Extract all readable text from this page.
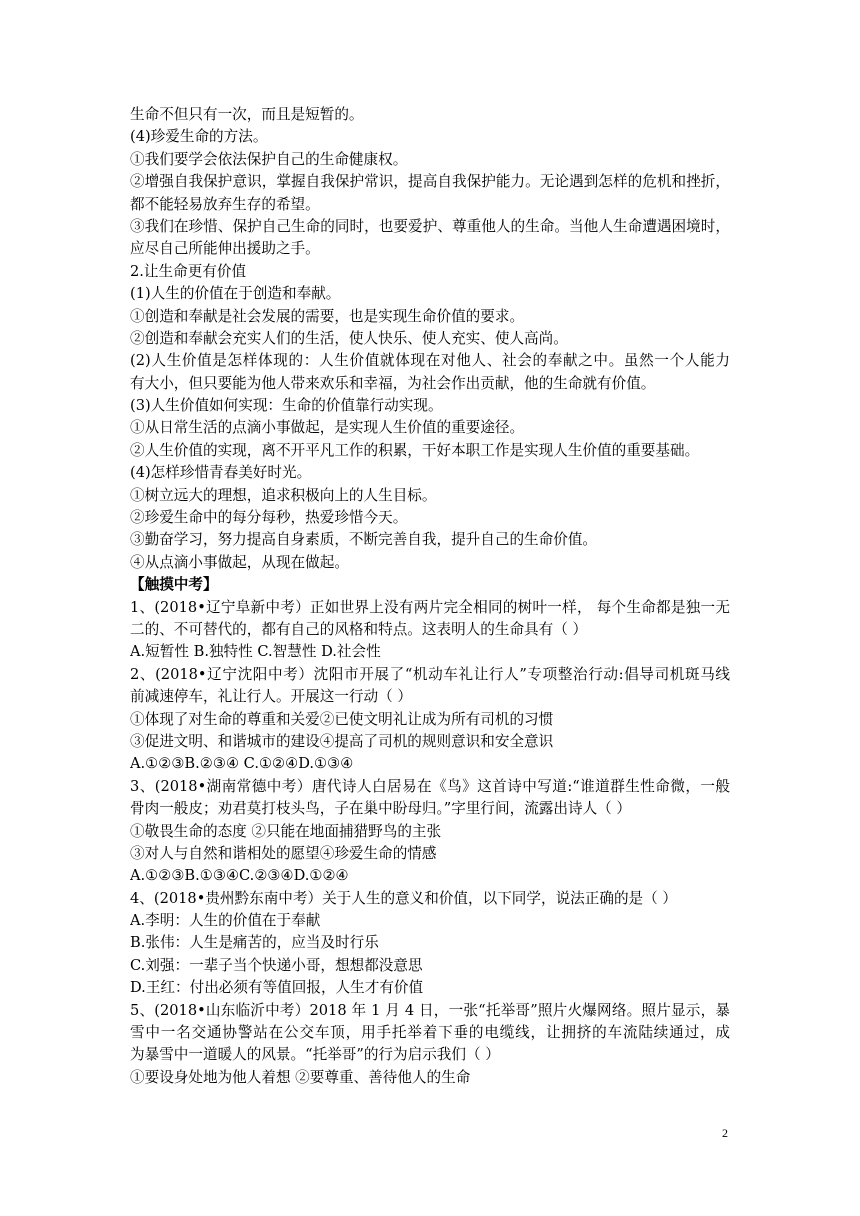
生命不但只有一次，而且是短暂的。
(4)珍爱生命的方法。
①我们要学会依法保护自己的生命健康权。
②增强自我保护意识，掌握自我保护常识，提高自我保护能力。无论遇到怎样的危机和挫折，
都不能轻易放弃生存的希望。
③我们在珍惜、保护自己生命的同时，也要爱护、尊重他人的生命。当他人生命遭遇困境时，
应尽自己所能伸出援助之手。
2.让生命更有价值
(1)人生的价值在于创造和奉献。
①创造和奉献是社会发展的需要，也是实现生命价值的要求。
②创造和奉献会充实人们的生活，使人快乐、使人充实、使人高尚。
(2)人生价值是怎样体现的：人生价值就体现在对他人、社会的奉献之中。虽然一个人能力
有大小，但只要能为他人带来欢乐和幸福，为社会作出贡献，他的生命就有价值。
(3)人生价值如何实现：生命的价值靠行动实现。
①从日常生活的点滴小事做起，是实现人生价值的重要途径。
②人生价值的实现，离不开平凡工作的积累，干好本职工作是实现人生价值的重要基础。
(4)怎样珍惜青春美好时光。
①树立远大的理想，追求积极向上的人生目标。
②珍爱生命中的每分每秒，热爱珍惜今天。
③勤奋学习，努力提高自身素质，不断完善自我，提升自己的生命价值。
④从点滴小事做起，从现在做起。
【触摸中考】
1、(2018•辽宁阜新中考）正如世界上没有两片完全相同的树叶一样， 每个生命都是独一无
二的、不可替代的，都有自己的风格和特点。这表明人的生命具有（ ）
A.短暂性 B.独特性 C.智慧性 D.社会性
2、(2018•辽宁沈阳中考）沈阳市开展了“机动车礼让行人”专项整治行动:倡导司机斑马线
前减速停车，礼让行人。开展这一行动（ ）
①体现了对生命的尊重和关爱②已使文明礼让成为所有司机的习惯
③促进文明、和谐城市的建设④提高了司机的规则意识和安全意识
A.①②③B.②③④ C.①②④D.①③④
3、(2018•湖南常德中考）唐代诗人白居易在《鸟》这首诗中写道:“谁道群生性命微，一般
骨肉一般皮；劝君莫打枝头鸟，子在巢中盼母归。”字里行间，流露出诗人（ ）
①敬畏生命的态度 ②只能在地面捕猎野鸟的主张
③对人与自然和谐相处的愿望④珍爱生命的情感
A.①②③B.①③④C.②③④D.①②④
4、(2018•贵州黔东南中考）关于人生的意义和价值，以下同学，说法正确的是（ ）
A.李明：人生的价值在于奉献
B.张伟：人生是痛苦的，应当及时行乐
C.刘强：一辈子当个快递小哥，想想都没意思
D.王红：付出必须有等值回报，人生才有价值
5、(2018•山东临沂中考）2018 年 1 月 4 日，一张“托举哥”照片火爆网络。照片显示，暴
雪中一名交通协警站在公交车顶，用手托举着下垂的电缆线，让拥挤的车流陆续通过，成
为暴雪中一道暖人的风景。“托举哥”的行为启示我们（ ）
①要设身处地为他人着想 ②要尊重、善待他人的生命
2
